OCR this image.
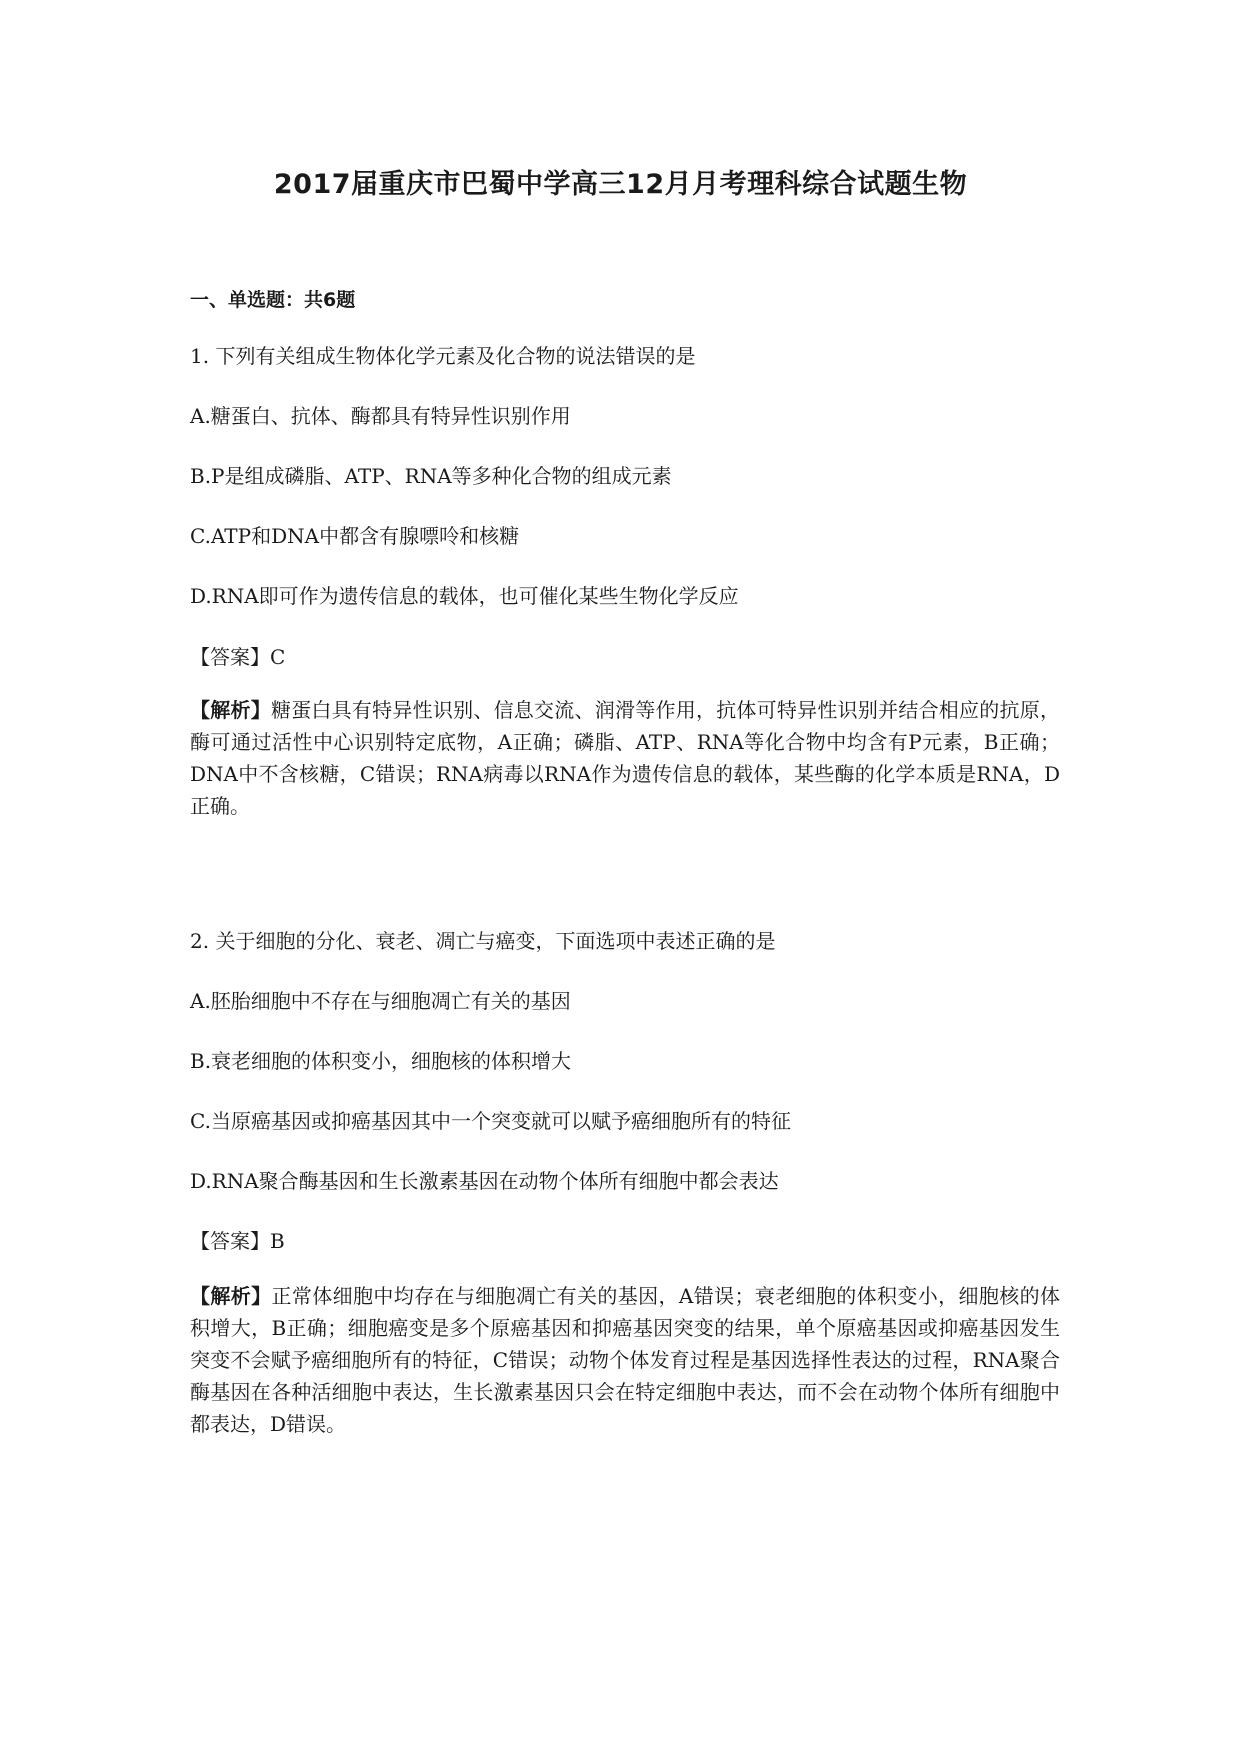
2017届重庆市巴蜀中学高三12月月考理科综合试题生物
一、单选题：共6题
1. 下列有关组成生物体化学元素及化合物的说法错误的是
A.糖蛋白、抗体、酶都具有特异性识别作用
B.P是组成磷脂、ATP、RNA等多种化合物的组成元素
C.ATP和DNA中都含有腺嘌呤和核糖
D.RNA即可作为遗传信息的载体，也可催化某些生物化学反应
【答案】C
【解析】糖蛋白具有特异性识别、信息交流、润滑等作用，抗体可特异性识别并结合相应的抗原，酶可通过活性中心识别特定底物，A正确；磷脂、ATP、RNA等化合物中均含有P元素，B正确；DNA中不含核糖，C错误；RNA病毒以RNA作为遗传信息的载体，某些酶的化学本质是RNA，D正确。
2. 关于细胞的分化、衰老、凋亡与癌变，下面选项中表述正确的是
A.胚胎细胞中不存在与细胞凋亡有关的基因
B.衰老细胞的体积变小，细胞核的体积增大
C.当原癌基因或抑癌基因其中一个突变就可以赋予癌细胞所有的特征
D.RNA聚合酶基因和生长激素基因在动物个体所有细胞中都会表达
【答案】B
【解析】正常体细胞中均存在与细胞凋亡有关的基因，A错误；衰老细胞的体积变小，细胞核的体积增大，B正确；细胞癌变是多个原癌基因和抑癌基因突变的结果，单个原癌基因或抑癌基因发生突变不会赋予癌细胞所有的特征，C错误；动物个体发育过程是基因选择性表达的过程，RNA聚合酶基因在各种活细胞中表达，生长激素基因只会在特定细胞中表达，而不会在动物个体所有细胞中都表达，D错误。
